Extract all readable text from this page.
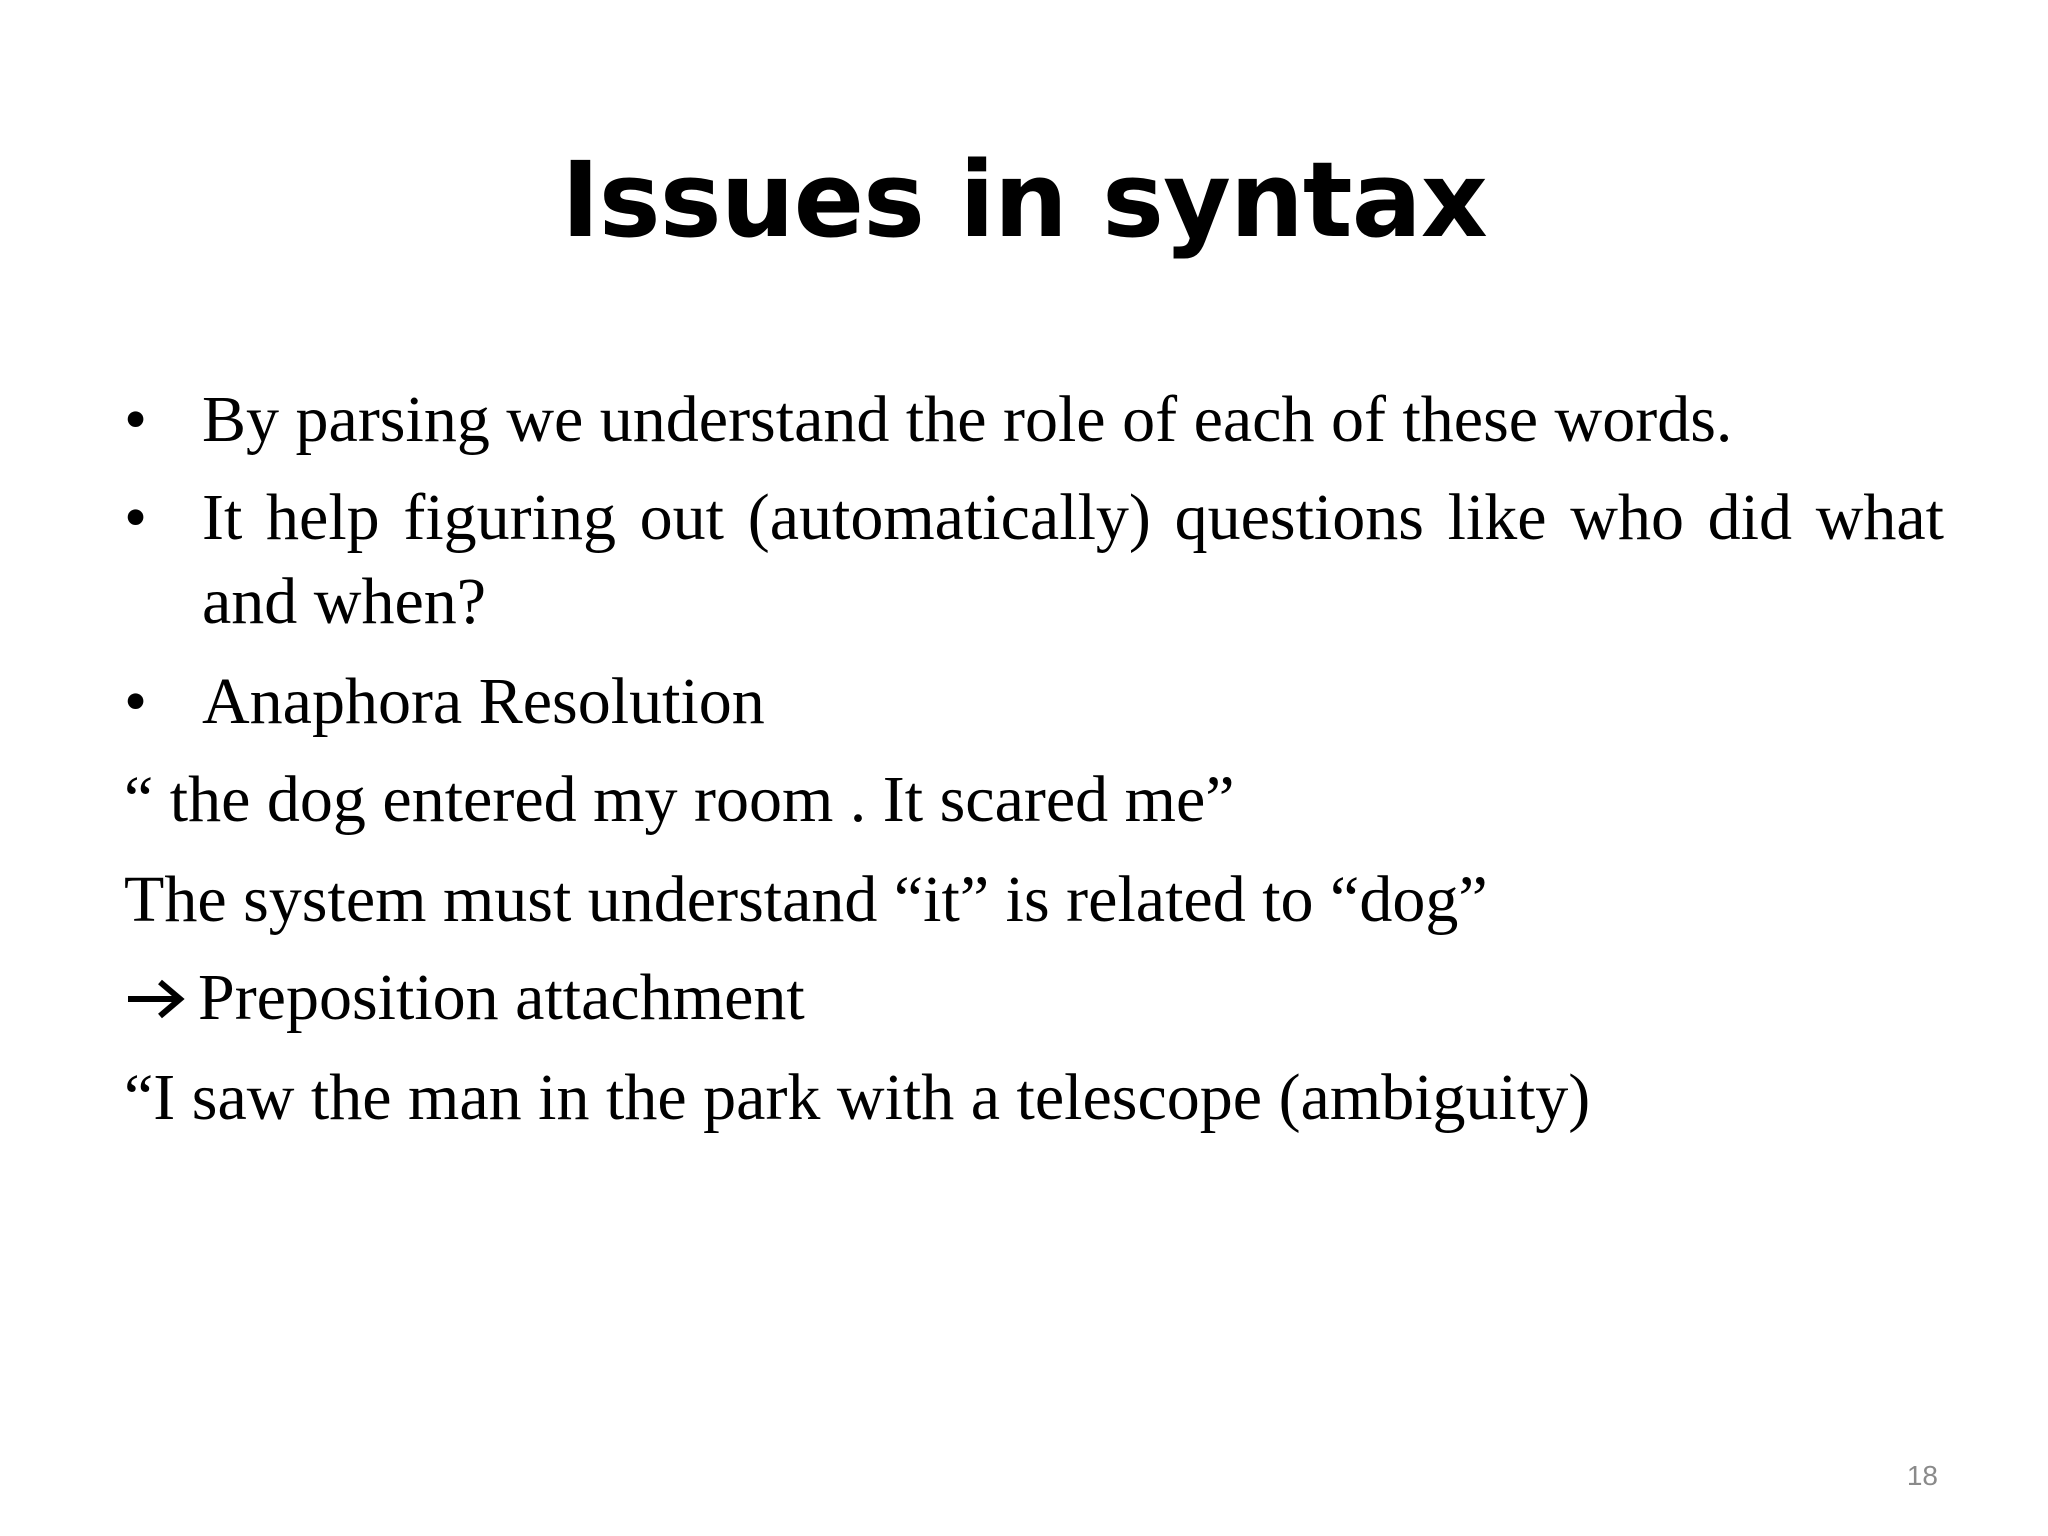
Issues in syntax
• By parsing we understand the role of each of these words.
• It help figuring out (automatically) questions like who did what and when?
• Anaphora Resolution
“ the dog entered my room . It scared me”
The system must understand “it” is related to “dog”
Preposition attachment
“I saw the man in the park with a telescope (ambiguity)
18
